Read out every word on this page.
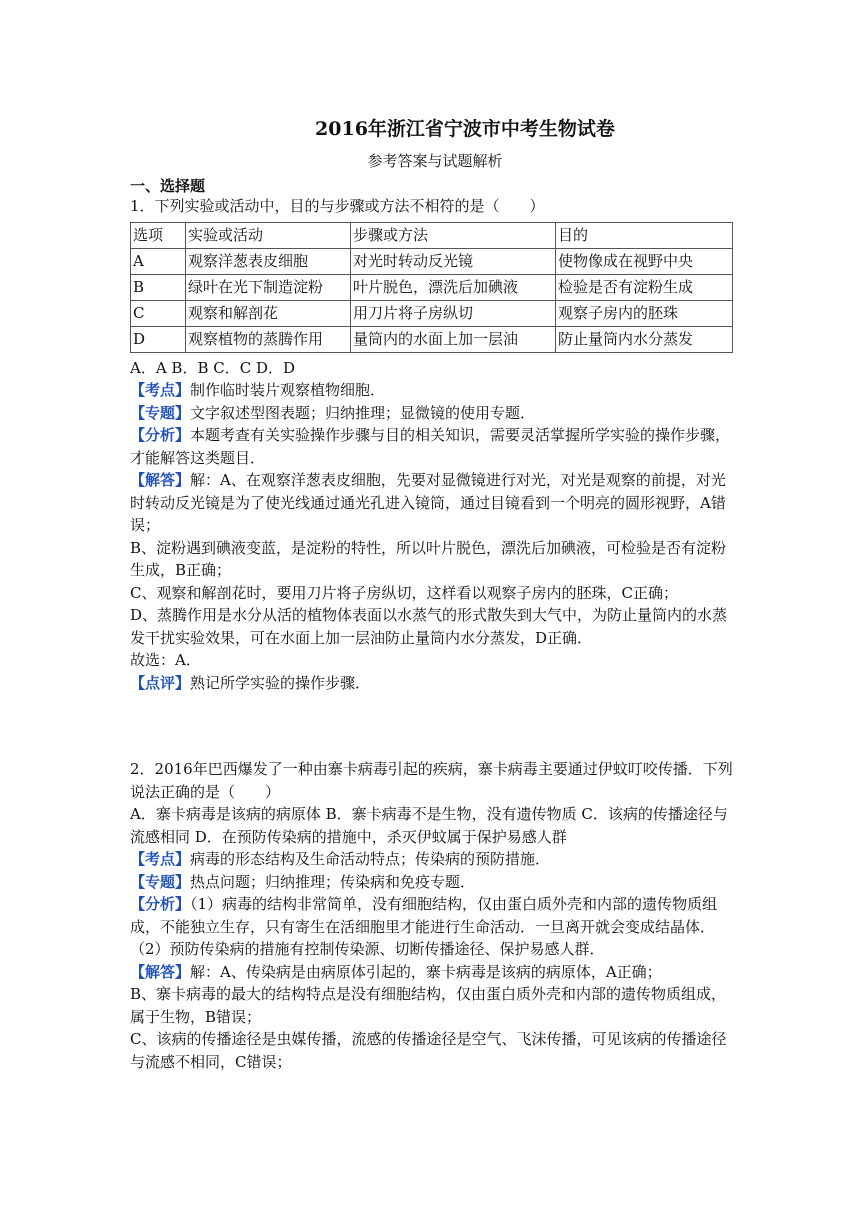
2016年浙江省宁波市中考生物试卷
参考答案与试题解析
一、选择题

1．下列实验或活动中，目的与步骤或方法不相符的是（　　）

选项	实验或活动	步骤或方法	目的
A	观察洋葱表皮细胞	对光时转动反光镜	使物像成在视野中央
B	绿叶在光下制造淀粉	叶片脱色，漂洗后加碘液	检验是否有淀粉生成
C	观察和解剖花	用刀片将子房纵切	观察子房内的胚珠
D	观察植物的蒸腾作用	量筒内的水面上加一层油	防止量筒内水分蒸发

A．A B．B C．C D．D

【考点】制作临时装片观察植物细胞．

【专题】文字叙述型图表题；归纳推理；显微镜的使用专题．

【分析】本题考查有关实验操作步骤与目的相关知识，需要灵活掌握所学实验的操作步骤，才能解答这类题目．

【解答】解：A、在观察洋葱表皮细胞，先要对显微镜进行对光，对光是观察的前提，对光时转动反光镜是为了使光线通过通光孔进入镜筒，通过目镜看到一个明亮的圆形视野，A错误；

B、淀粉遇到碘液变蓝，是淀粉的特性，所以叶片脱色，漂洗后加碘液，可检验是否有淀粉生成，B正确；

C、观察和解剖花时，要用刀片将子房纵切，这样看以观察子房内的胚珠，C正确；

D、蒸腾作用是水分从活的植物体表面以水蒸气的形式散失到大气中，为防止量筒内的水蒸发干扰实验效果，可在水面上加一层油防止量筒内水分蒸发，D正确．

故选：A．

【点评】熟记所学实验的操作步骤．

2．2016年巴西爆发了一种由寨卡病毒引起的疾病，寨卡病毒主要通过伊蚊叮咬传播．下列说法正确的是（　　）

A．寨卡病毒是该病的病原体 B．寨卡病毒不是生物，没有遗传物质 C．该病的传播途径与流感相同 D．在预防传染病的措施中，杀灭伊蚊属于保护易感人群

【考点】病毒的形态结构及生命活动特点；传染病的预防措施．

【专题】热点问题；归纳推理；传染病和免疫专题．

【分析】（1）病毒的结构非常简单，没有细胞结构，仅由蛋白质外壳和内部的遗传物质组成，不能独立生存，只有寄生在活细胞里才能进行生命活动．一旦离开就会变成结晶体．

（2）预防传染病的措施有控制传染源、切断传播途径、保护易感人群．

【解答】解：A、传染病是由病原体引起的，寨卡病毒是该病的病原体，A正确；

B、寨卡病毒的最大的结构特点是没有细胞结构，仅由蛋白质外壳和内部的遗传物质组成，属于生物，B错误；

C、该病的传播途径是虫媒传播，流感的传播途径是空气、飞沫传播，可见该病的传播途径与流感不相同，C错误；
